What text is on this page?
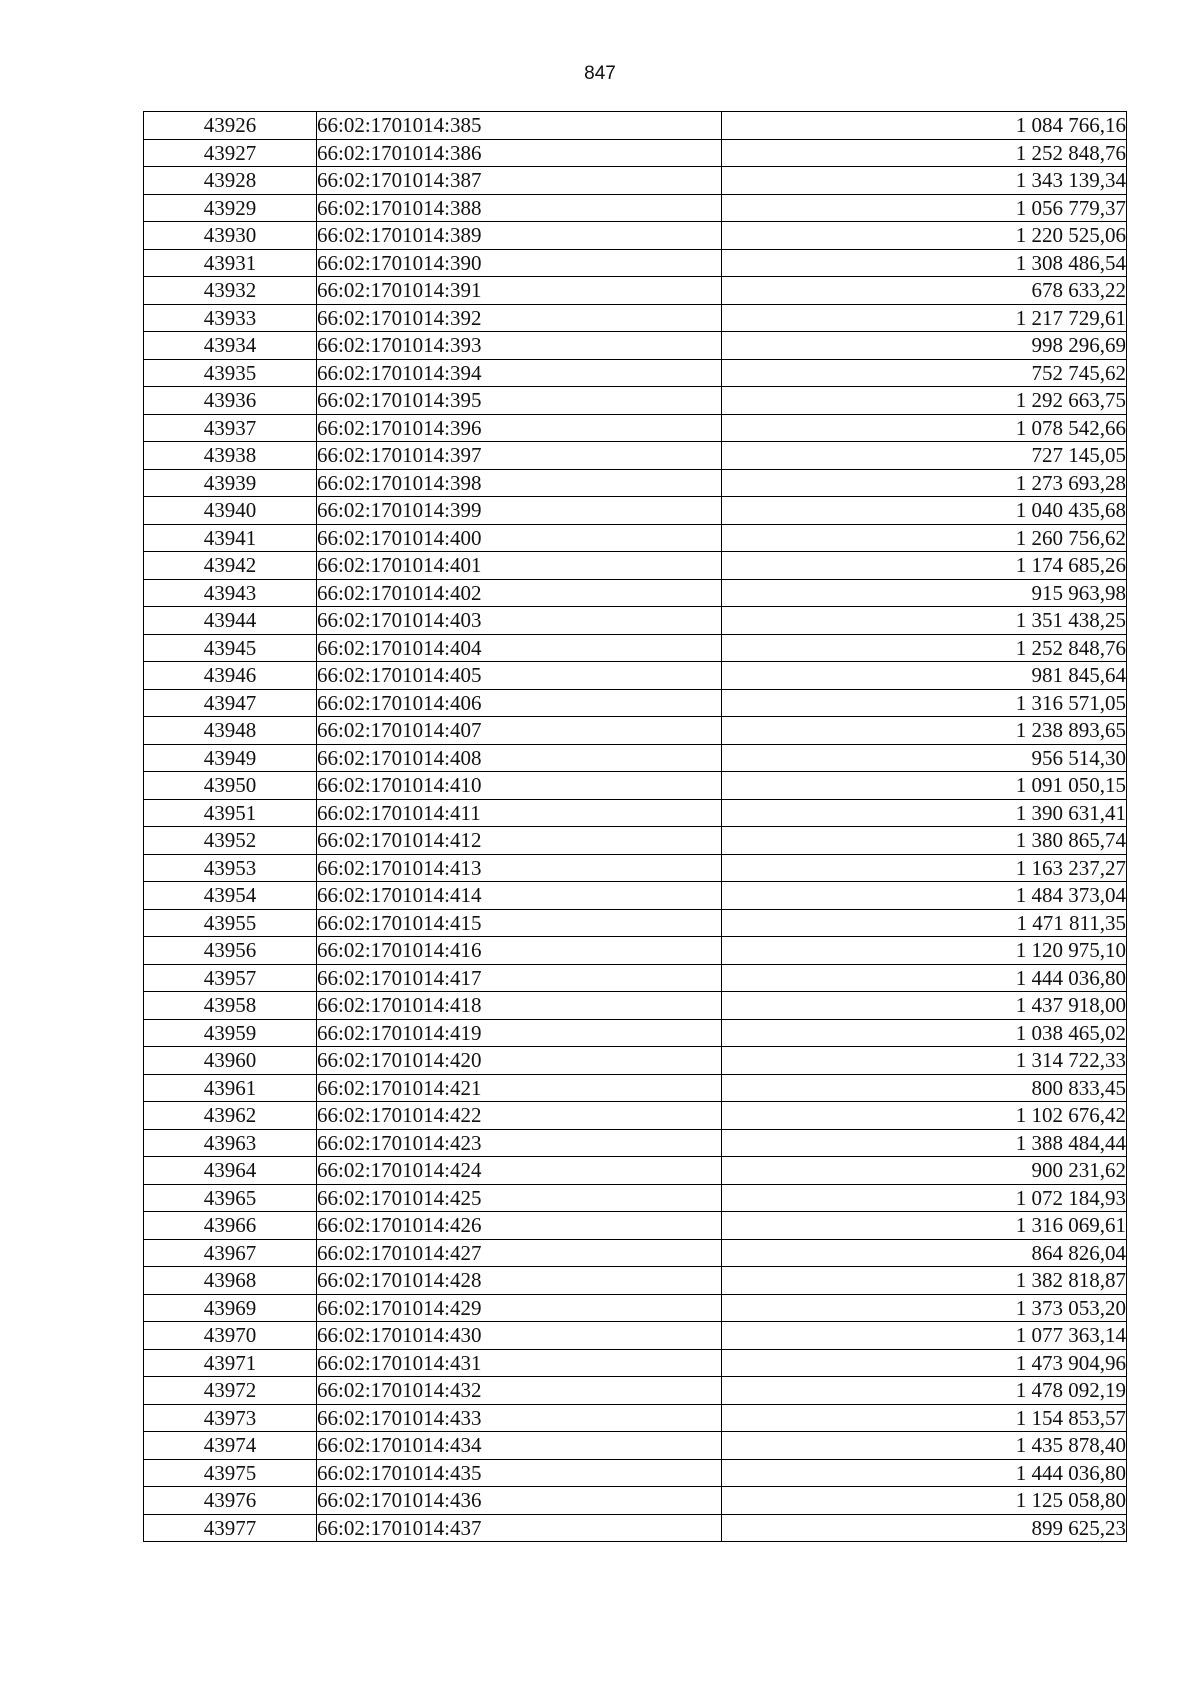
847
43926	66:02:1701014:385	1 084 766,16
43927	66:02:1701014:386	1 252 848,76
43928	66:02:1701014:387	1 343 139,34
43929	66:02:1701014:388	1 056 779,37
43930	66:02:1701014:389	1 220 525,06
43931	66:02:1701014:390	1 308 486,54
43932	66:02:1701014:391	678 633,22
43933	66:02:1701014:392	1 217 729,61
43934	66:02:1701014:393	998 296,69
43935	66:02:1701014:394	752 745,62
43936	66:02:1701014:395	1 292 663,75
43937	66:02:1701014:396	1 078 542,66
43938	66:02:1701014:397	727 145,05
43939	66:02:1701014:398	1 273 693,28
43940	66:02:1701014:399	1 040 435,68
43941	66:02:1701014:400	1 260 756,62
43942	66:02:1701014:401	1 174 685,26
43943	66:02:1701014:402	915 963,98
43944	66:02:1701014:403	1 351 438,25
43945	66:02:1701014:404	1 252 848,76
43946	66:02:1701014:405	981 845,64
43947	66:02:1701014:406	1 316 571,05
43948	66:02:1701014:407	1 238 893,65
43949	66:02:1701014:408	956 514,30
43950	66:02:1701014:410	1 091 050,15
43951	66:02:1701014:411	1 390 631,41
43952	66:02:1701014:412	1 380 865,74
43953	66:02:1701014:413	1 163 237,27
43954	66:02:1701014:414	1 484 373,04
43955	66:02:1701014:415	1 471 811,35
43956	66:02:1701014:416	1 120 975,10
43957	66:02:1701014:417	1 444 036,80
43958	66:02:1701014:418	1 437 918,00
43959	66:02:1701014:419	1 038 465,02
43960	66:02:1701014:420	1 314 722,33
43961	66:02:1701014:421	800 833,45
43962	66:02:1701014:422	1 102 676,42
43963	66:02:1701014:423	1 388 484,44
43964	66:02:1701014:424	900 231,62
43965	66:02:1701014:425	1 072 184,93
43966	66:02:1701014:426	1 316 069,61
43967	66:02:1701014:427	864 826,04
43968	66:02:1701014:428	1 382 818,87
43969	66:02:1701014:429	1 373 053,20
43970	66:02:1701014:430	1 077 363,14
43971	66:02:1701014:431	1 473 904,96
43972	66:02:1701014:432	1 478 092,19
43973	66:02:1701014:433	1 154 853,57
43974	66:02:1701014:434	1 435 878,40
43975	66:02:1701014:435	1 444 036,80
43976	66:02:1701014:436	1 125 058,80
43977	66:02:1701014:437	899 625,23
